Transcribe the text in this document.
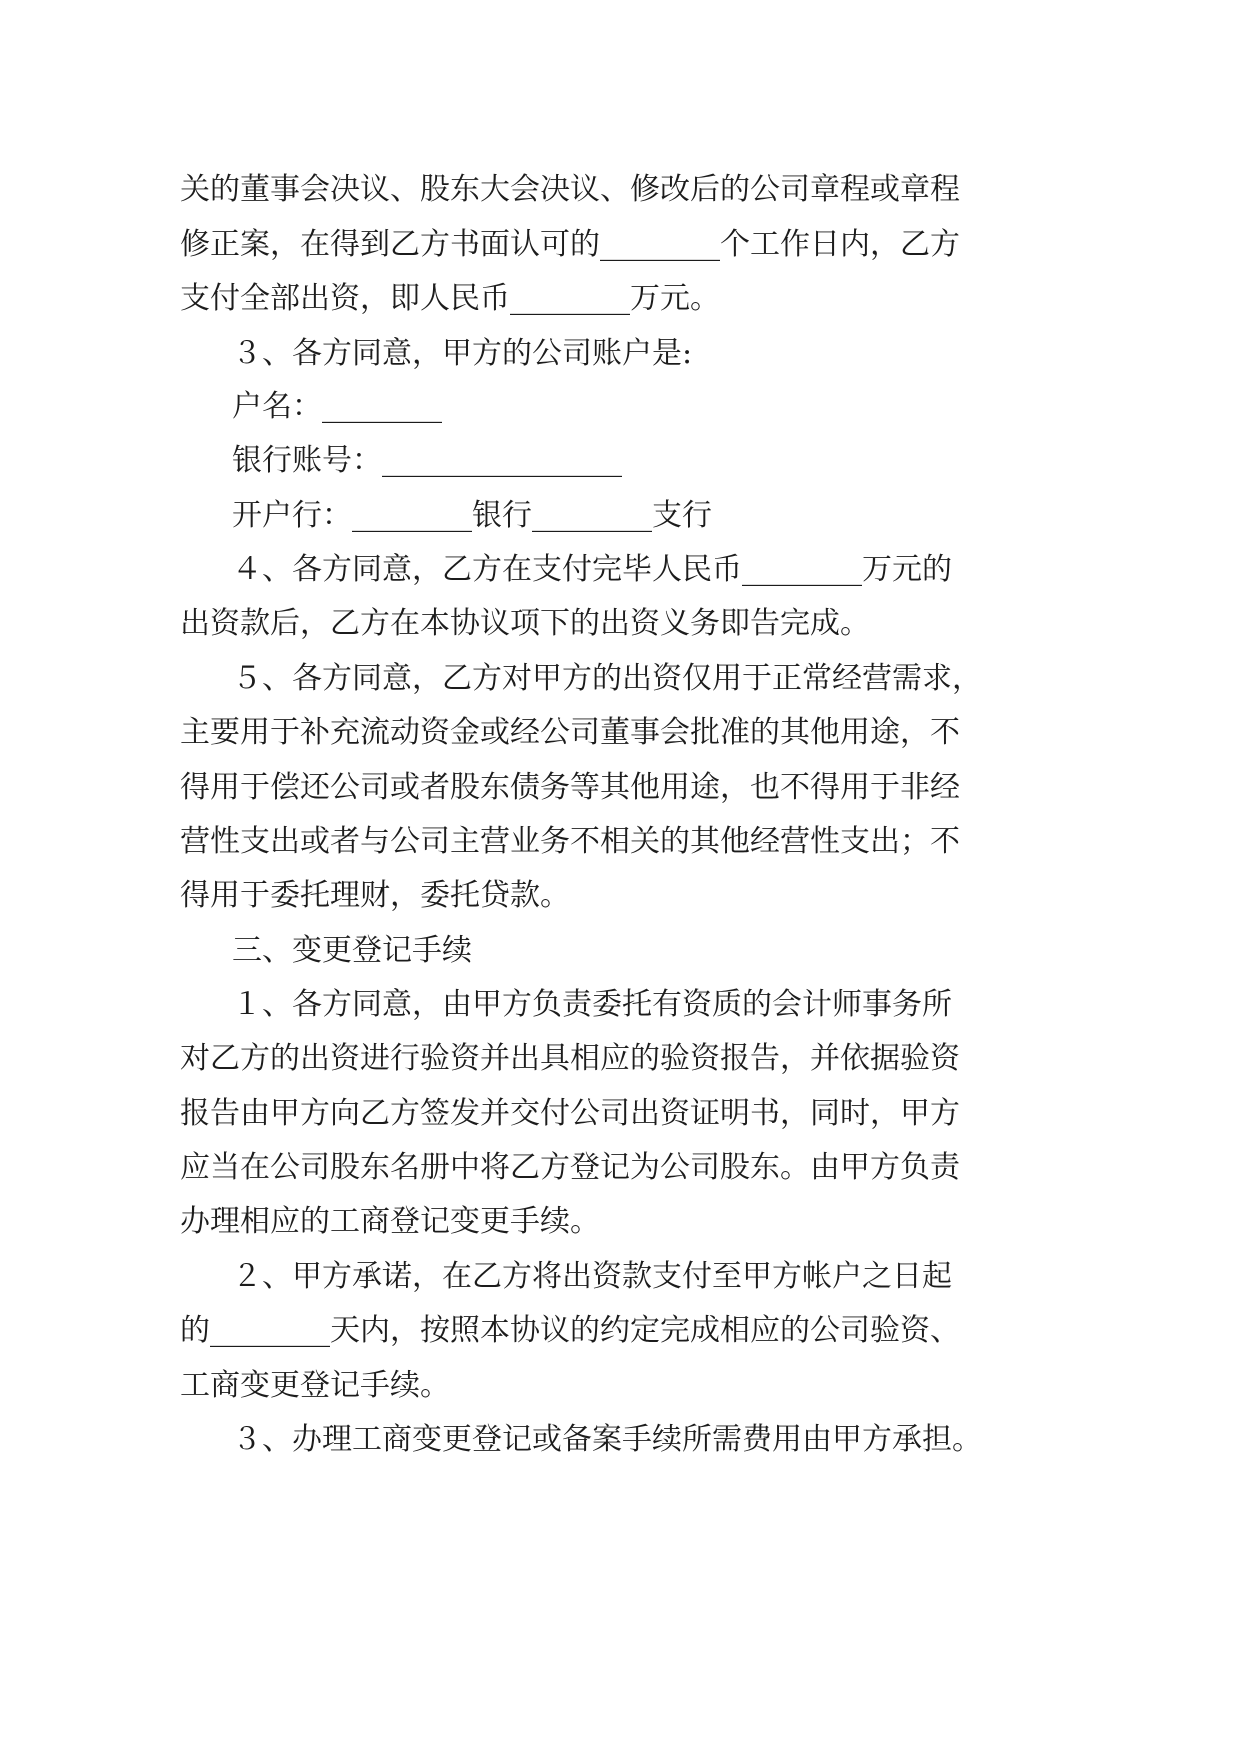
关的董事会决议、股东大会决议、修改后的公司章程或章程
修正案，在得到乙方书面认可的________个工作日内，乙方
支付全部出资，即人民币________万元。
３、各方同意，甲方的公司账户是:
户名：________
银行账号：________________
开户行：________银行________支行
４、各方同意，乙方在支付完毕人民币________万元的
出资款后，乙方在本协议项下的出资义务即告完成。
５、各方同意，乙方对甲方的出资仅用于正常经营需求，
主要用于补充流动资金或经公司董事会批准的其他用途，不
得用于偿还公司或者股东债务等其他用途，也不得用于非经
营性支出或者与公司主营业务不相关的其他经营性支出；不
得用于委托理财，委托贷款。
三、变更登记手续
１、各方同意，由甲方负责委托有资质的会计师事务所
对乙方的出资进行验资并出具相应的验资报告，并依据验资
报告由甲方向乙方签发并交付公司出资证明书，同时，甲方
应当在公司股东名册中将乙方登记为公司股东。由甲方负责
办理相应的工商登记变更手续。
２、甲方承诺，在乙方将出资款支付至甲方帐户之日起
的________天内，按照本协议的约定完成相应的公司验资、
工商变更登记手续。
３、办理工商变更登记或备案手续所需费用由甲方承担。
